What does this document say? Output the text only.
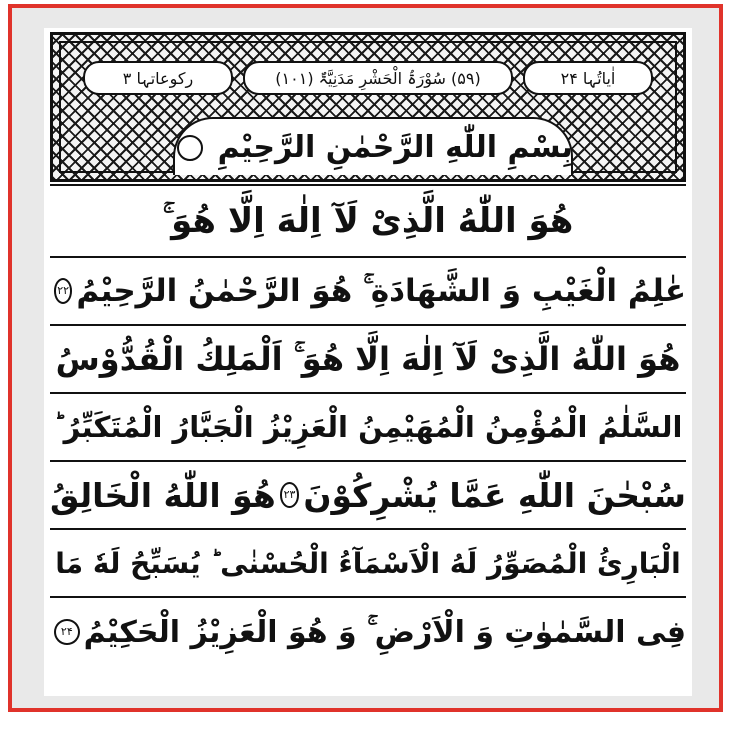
رکوعاتہا ۳	(۵۹) سُوْرَۃُ الْحَشْرِ مَدَنِیَّۃٌ (۱۰۱)	اٰیاتُہا ۲۴
بِسْمِ اللّٰهِ الرَّحْمٰنِ الرَّحِیْمِ
هُوَ اللّٰهُ الَّذِیْ لَآ اِلٰهَ اِلَّا هُوَ ۚ
عٰلِمُ الْغَیْبِ وَ الشَّهَادَةِ ۚ هُوَ الرَّحْمٰنُ الرَّحِیْمُ
۲۲
هُوَ اللّٰهُ الَّذِیْ لَآ اِلٰهَ اِلَّا هُوَ ۚ اَلْمَلِكُ الْقُدُّوْسُ
السَّلٰمُ الْمُؤْمِنُ الْمُهَیْمِنُ الْعَزِیْزُ الْجَبَّارُ الْمُتَكَبِّرُ ؕ
سُبْحٰنَ اللّٰهِ عَمَّا یُشْرِكُوْنَ
۲۳
هُوَ اللّٰهُ الْخَالِقُ
الْبَارِئُ الْمُصَوِّرُ لَهُ الْاَسْمَآءُ الْحُسْنٰى ؕ یُسَبِّحُ لَهٗ مَا
فِی السَّمٰوٰتِ وَ الْاَرْضِ ۚ وَ هُوَ الْعَزِیْزُ الْحَكِیْمُ
۲۴
